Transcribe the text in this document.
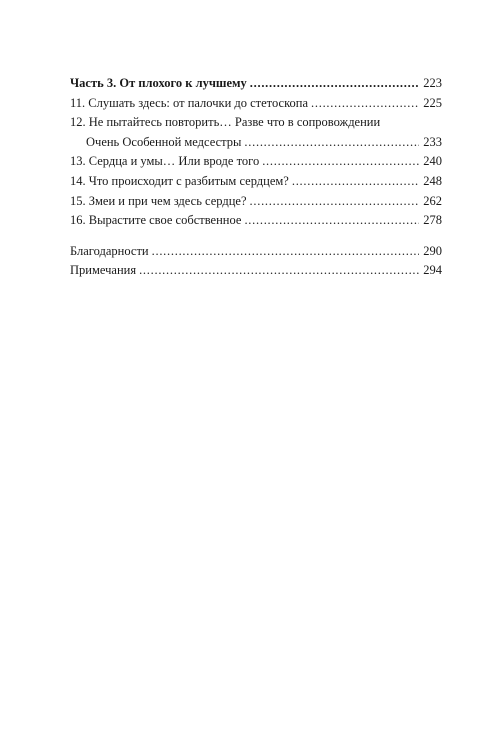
Часть 3. От плохого к лучшему . . .	223
11. Слушать здесь: от палочки до стетоскопа . . .	225
12. Не пытайтесь повторить… Разве что в сопровождении
Очень Особенной медсестры . . .	233
13. Сердца и умы… Или вроде того . . .	240
14. Что происходит с разбитым сердцем? . . .	248
15. Змеи и при чем здесь сердце? . . .	262
16. Вырастите свое собственное . . .	278
Благодарности . . .	290
Примечания . . .	294
